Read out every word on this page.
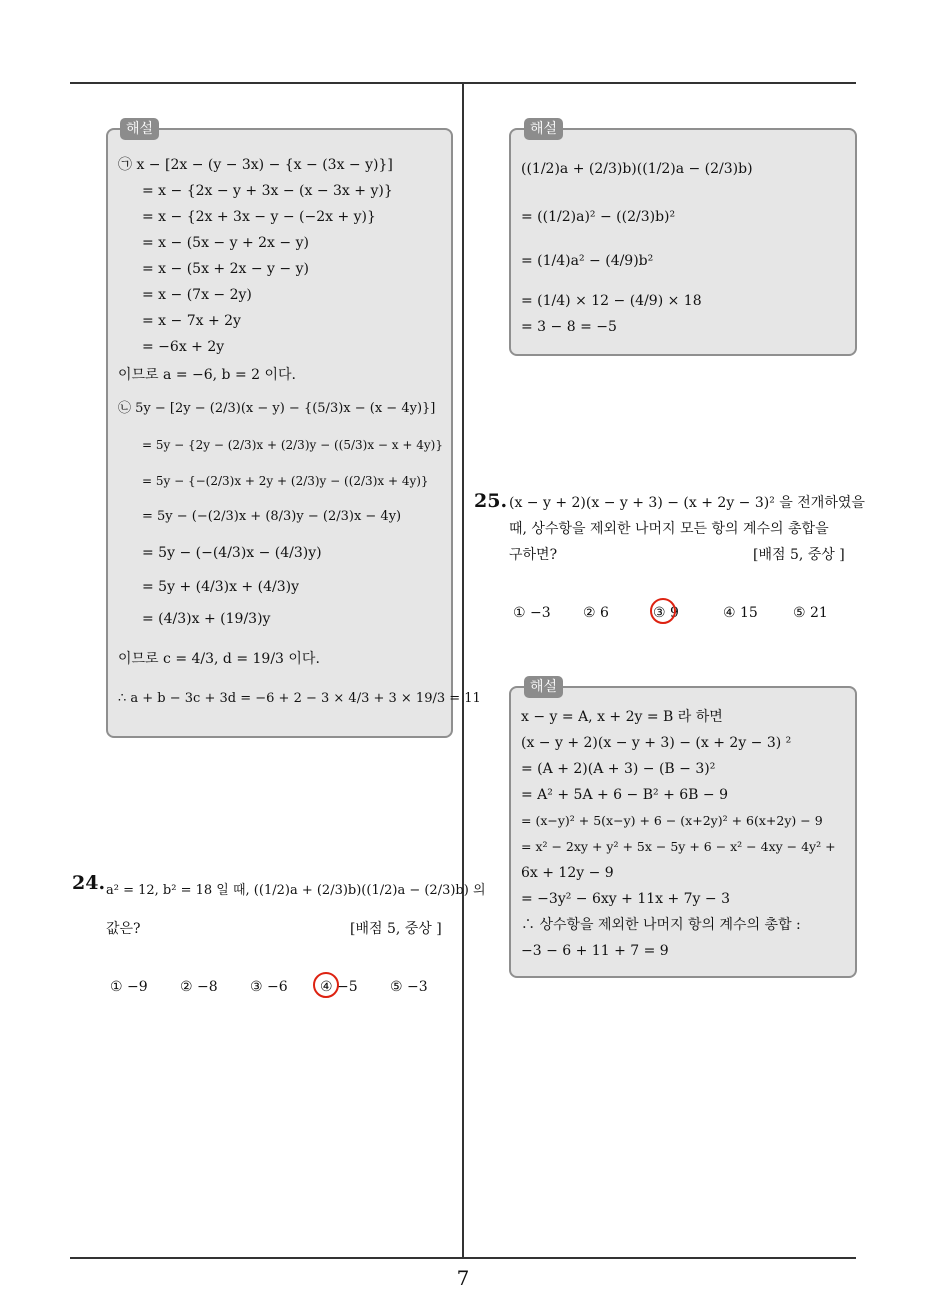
7
해설
㉠ x − [2x − (y − 3x) − {x − (3x − y)}]
= x − {2x − y + 3x − (x − 3x + y)}
= x − {2x + 3x − y − (−2x + y)}
= x − (5x − y + 2x − y)
= x − (5x + 2x − y − y)
= x − (7x − 2y)
= x − 7x + 2y
= −6x + 2y
이므로 a = −6, b = 2 이다.
㉡ 5y − [2y − (2/3)(x − y) − {(5/3)x − (x − 4y)}]
= 5y − {2y − (2/3)x + (2/3)y − ((5/3)x − x + 4y)}
= 5y − {−(2/3)x + 2y + (2/3)y − ((2/3)x + 4y)}
= 5y − (−(2/3)x + (8/3)y − (2/3)x − 4y)
= 5y − (−(4/3)x − (4/3)y)
= 5y + (4/3)x + (4/3)y
= (4/3)x + (19/3)y
이므로 c = 4/3, d = 19/3 이다.
∴ a + b − 3c + 3d = −6 + 2 − 3 × 4/3 + 3 × 19/3 = 11
24. a² = 12, b² = 18 일 때, ((1/2)a + (2/3)b)((1/2)a − (2/3)b) 의
값은?	[배점 5, 중상 ]
① −9 ② −8 ③ −6 ④ −5 ⑤ −3
해설
((1/2)a + (2/3)b)((1/2)a − (2/3)b)
= ((1/2)a)² − ((2/3)b)²
= (1/4)a² − (4/9)b²
= (1/4) × 12 − (4/9) × 18
= 3 − 8 = −5
25. (x − y + 2)(x − y + 3) − (x + 2y − 3)² 을 전개하였을
때, 상수항을 제외한 나머지 모든 항의 계수의 총합을
구하면?	[배점 5, 중상 ]
① −3 ② 6	③ 9	④ 15	⑤ 21
해설
x − y = A, x + 2y = B 라 하면
(x − y + 2)(x − y + 3) − (x + 2y − 3) ²
= (A + 2)(A + 3) − (B − 3)²
= A² + 5A + 6 − B² + 6B − 9
= (x−y)² + 5(x−y) + 6 − (x+2y)² + 6(x+2y) − 9
= x² − 2xy + y² + 5x − 5y + 6 − x² − 4xy − 4y² +
6x + 12y − 9
= −3y² − 6xy + 11x + 7y − 3
∴ 상수항을 제외한 나머지 항의 계수의 총합 :
−3 − 6 + 11 + 7 = 9
